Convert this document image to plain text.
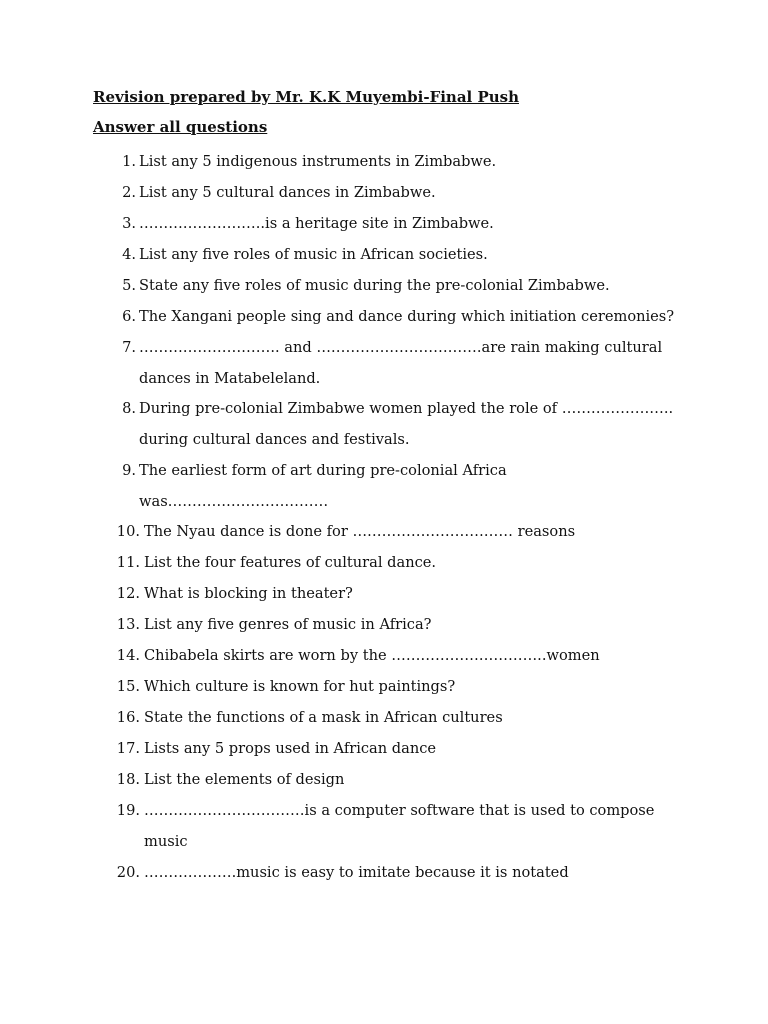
Revision prepared by Mr. K.K Muyembi-Final Push
Answer all questions
1. List any 5 indigenous instruments in Zimbabwe.
2. List any 5 cultural dances in Zimbabwe.
3. ……………………..is a heritage site in Zimbabwe.
4. List any five roles of music in African societies.
5. State any five roles of music during the pre-colonial Zimbabwe.
6. The Xangani people sing and dance during which initiation ceremonies?
7. ……………………….. and …………………………….are rain making cultural dances in Matabeleland.
8. During pre-colonial Zimbabwe women played the role of ………………….. during cultural dances and festivals.
9. The earliest form of art during pre-colonial Africa was……………………………
10. The Nyau dance is done for …………………………… reasons
11. List the four features of cultural dance.
12. What is blocking in theater?
13. List any five genres of music in Africa?
14. Chibabela skirts are worn by the …………………………..women
15. Which culture is known for hut paintings?
16. State the functions of a mask in African cultures
17. Lists any 5 props used in African dance
18. List the elements of design
19. ……………………………is a computer software that is used to compose music
20. ……………….music is easy to imitate because it is notated
